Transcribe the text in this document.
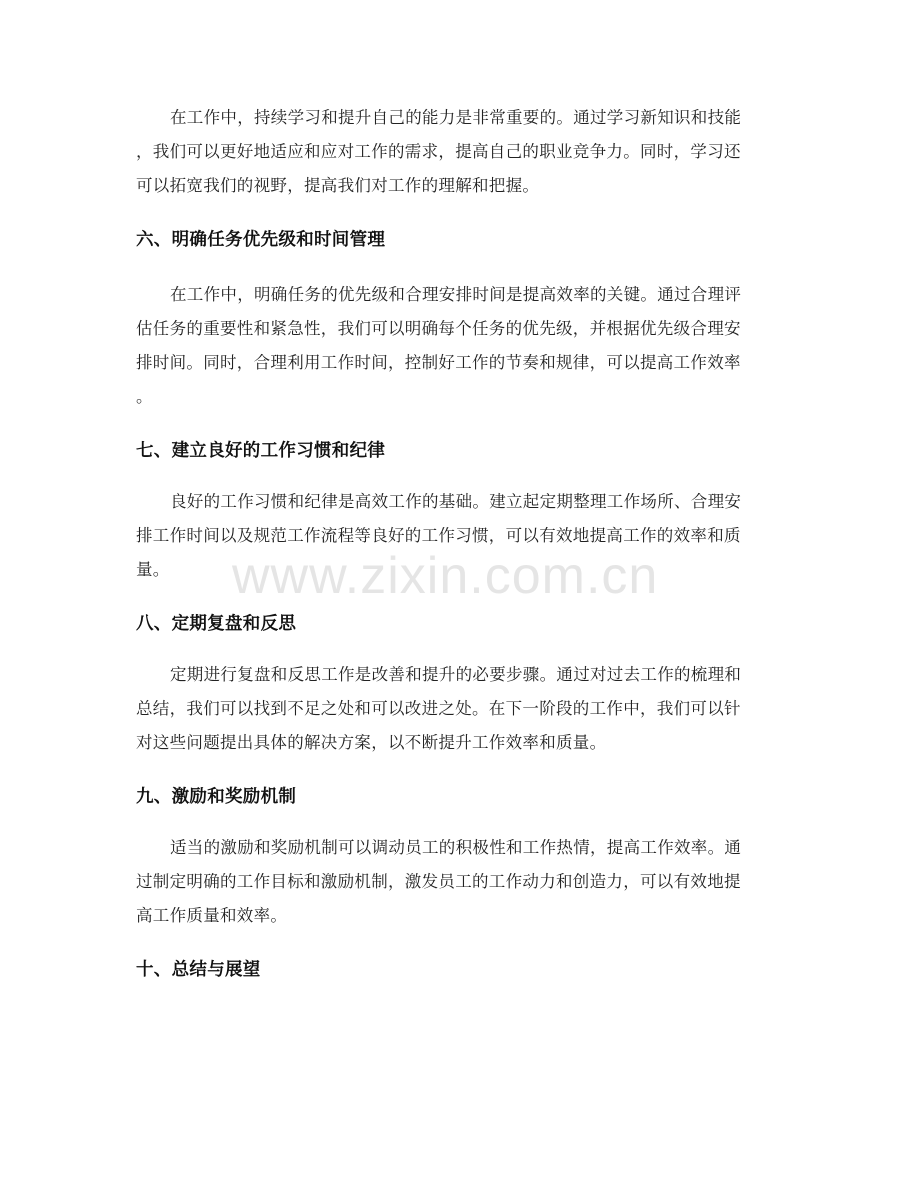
在工作中，持续学习和提升自己的能力是非常重要的。通过学习新知识和技能
，我们可以更好地适应和应对工作的需求，提高自己的职业竞争力。同时，学习还
可以拓宽我们的视野，提高我们对工作的理解和把握。
六、明确任务优先级和时间管理
在工作中，明确任务的优先级和合理安排时间是提高效率的关键。通过合理评
估任务的重要性和紧急性，我们可以明确每个任务的优先级，并根据优先级合理安
排时间。同时，合理利用工作时间，控制好工作的节奏和规律，可以提高工作效率
。
七、建立良好的工作习惯和纪律
良好的工作习惯和纪律是高效工作的基础。建立起定期整理工作场所、合理安
排工作时间以及规范工作流程等良好的工作习惯，可以有效地提高工作的效率和质
量。
八、定期复盘和反思
定期进行复盘和反思工作是改善和提升的必要步骤。通过对过去工作的梳理和
总结，我们可以找到不足之处和可以改进之处。在下一阶段的工作中，我们可以针
对这些问题提出具体的解决方案，以不断提升工作效率和质量。
九、激励和奖励机制
适当的激励和奖励机制可以调动员工的积极性和工作热情，提高工作效率。通
过制定明确的工作目标和激励机制，激发员工的工作动力和创造力，可以有效地提
高工作质量和效率。
十、总结与展望
www.zixin.com.cn
